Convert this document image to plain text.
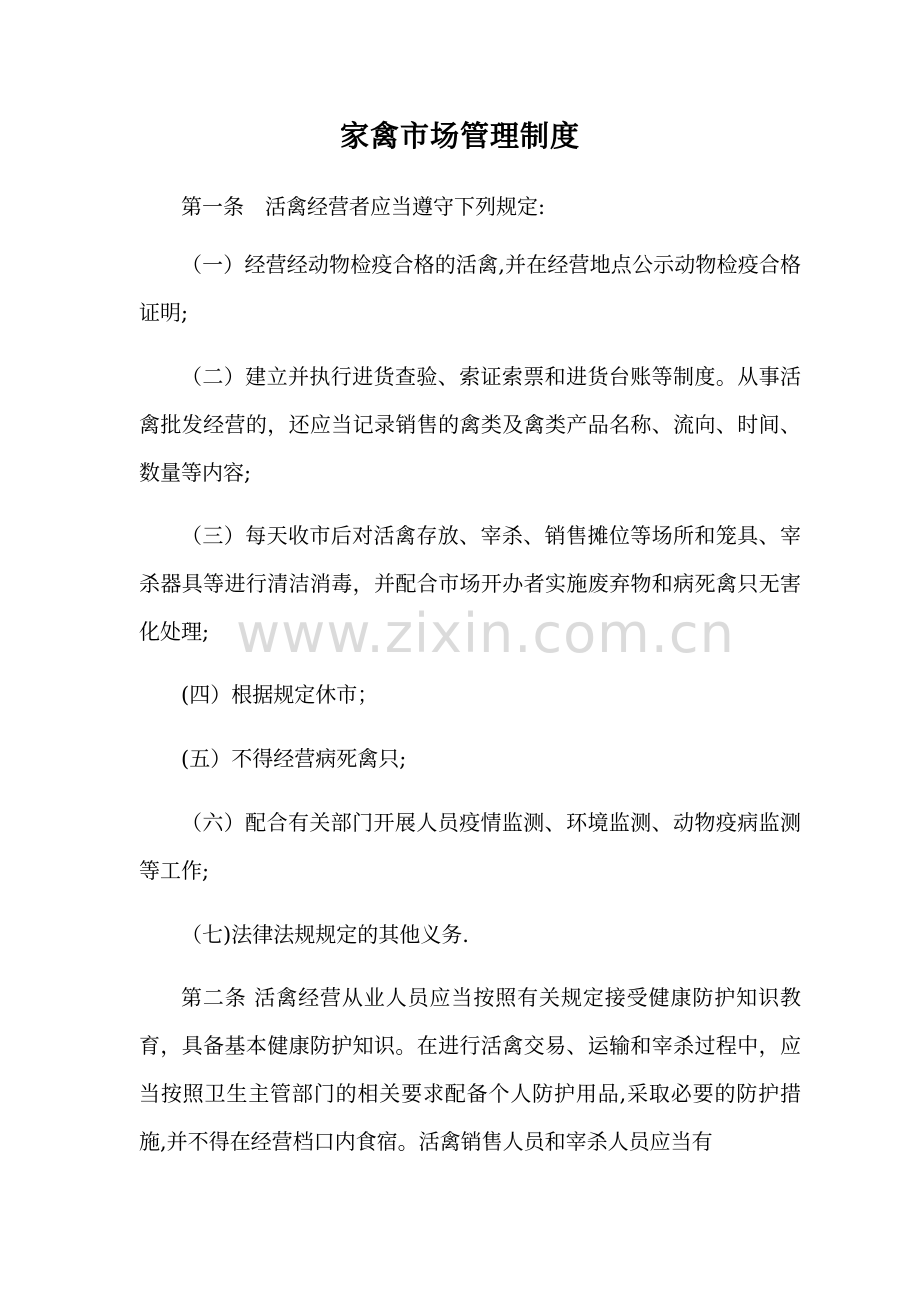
家禽市场管理制度

第一条　活禽经营者应当遵守下列规定:

（一）经营经动物检疫合格的活禽,并在经营地点公示动物检疫合格证明;

（二）建立并执行进货查验、索证索票和进货台账等制度。从事活禽批发经营的，还应当记录销售的禽类及禽类产品名称、流向、时间、数量等内容;

（三）每天收市后对活禽存放、宰杀、销售摊位等场所和笼具、宰杀器具等进行清洁消毒，并配合市场开办者实施废弃物和病死禽只无害化处理;

(四）根据规定休市；

(五）不得经营病死禽只;

（六）配合有关部门开展人员疫情监测、环境监测、动物疫病监测等工作;

（七)法律法规规定的其他义务.

第二条 活禽经营从业人员应当按照有关规定接受健康防护知识教育，具备基本健康防护知识。在进行活禽交易、运输和宰杀过程中，应当按照卫生主管部门的相关要求配备个人防护用品,采取必要的防护措施,并不得在经营档口内食宿。活禽销售人员和宰杀人员应当有

www.zixin.com.cn
